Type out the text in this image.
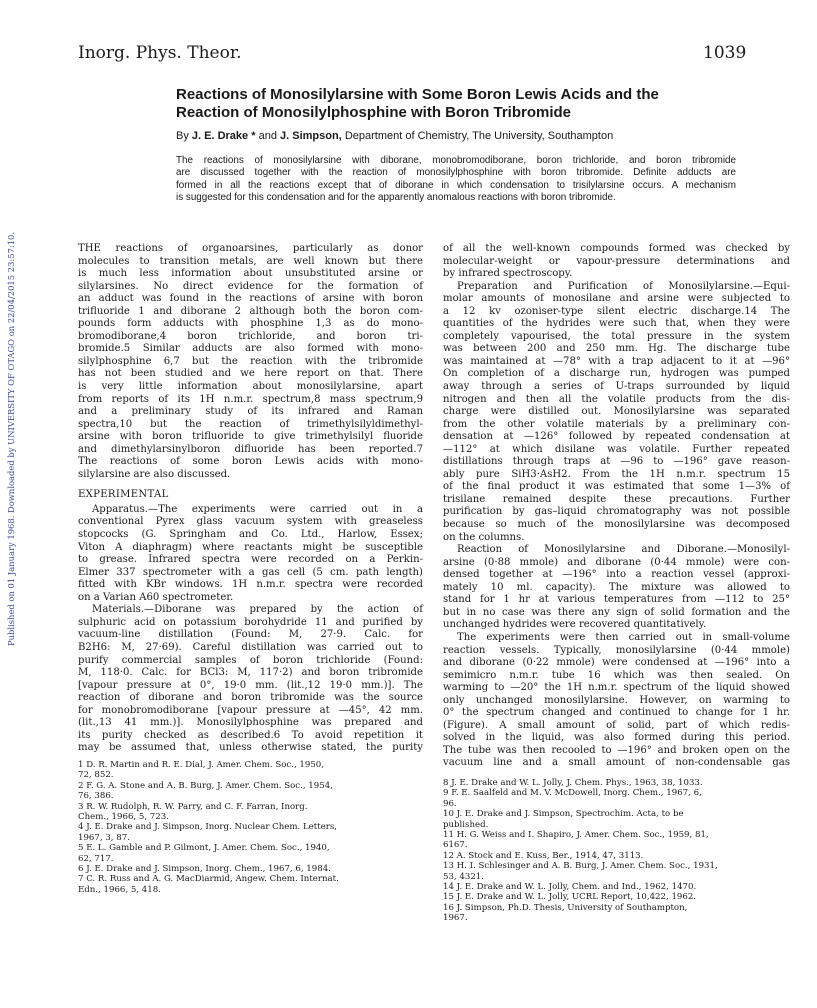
Inorg. Phys. Theor.	1039
Published on 01 January 1968. Downloaded by UNIVERSITY OF OTAGO on 22/04/2015 23:57:10.
Reactions of Monosilylarsine with Some Boron Lewis Acids and the
Reaction of Monosilylphosphine with Boron Tribromide
By J. E. Drake * and J. Simpson, Department of Chemistry, The University, Southampton
The reactions of monosilylarsine with diborane, monobromodiborane, boron trichloride, and boron tribromide
are discussed together with the reaction of monosilylphosphine with boron tribromide. Definite adducts are
formed in all the reactions except that of diborane in which condensation to trisilylarsine occurs. A mechanism
is suggested for this condensation and for the apparently anomalous reactions with boron tribromide.
THE reactions of organoarsines, particularly as donor
molecules to transition metals, are well known but there
is much less information about unsubstituted arsine or
silylarsines. No direct evidence for the formation of
an adduct was found in the reactions of arsine with boron
trifluoride 1 and diborane 2 although both the boron com-
pounds form adducts with phosphine 1,3 as do mono-
bromodiborane,4 boron trichloride, and boron tri-
bromide.5 Similar adducts are also formed with mono-
silylphosphine 6,7 but the reaction with the tribromide
has not been studied and we here report on that. There
is very little information about monosilylarsine, apart
from reports of its 1H n.m.r. spectrum,8 mass spectrum,9
and a preliminary study of its infrared and Raman
spectra,10 but the reaction of trimethylsilyldimethyl-
arsine with boron trifluoride to give trimethylsilyl fluoride
and dimethylarsinylboron difluoride has been reported.7
The reactions of some boron Lewis acids with mono-
silylarsine are also discussed.
EXPERIMENTAL
Apparatus.—The experiments were carried out in a
conventional Pyrex glass vacuum system with greaseless
stopcocks (G. Springham and Co. Ltd., Harlow, Essex;
Viton A diaphragm) where reactants might be susceptible
to grease. Infrared spectra were recorded on a Perkin-
Elmer 337 spectrometer with a gas cell (5 cm. path length)
fitted with KBr windows. 1H n.m.r. spectra were recorded
on a Varian A60 spectrometer.
Materials.—Diborane was prepared by the action of
sulphuric acid on potassium borohydride 11 and purified by
vacuum-line distillation (Found: M, 27·9. Calc. for
B2H6: M, 27·69). Careful distillation was carried out to
purify commercial samples of boron trichloride (Found:
M, 118·0. Calc. for BCl3: M, 117·2) and boron tribromide
[vapour pressure at 0°, 19·0 mm. (lit.,12 19·0 mm.)]. The
reaction of diborane and boron tribromide was the source
for monobromodiborane [vapour pressure at —45°, 42 mm.
(lit.,13 41 mm.)]. Monosilylphosphine was prepared and
its purity checked as described.6 To avoid repetition it
may be assumed that, unless otherwise stated, the purity
of all the well-known compounds formed was checked by
molecular-weight or vapour-pressure determinations and
by infrared spectroscopy.
Preparation and Purification of Monosilylarsine.—Equi-
molar amounts of monosilane and arsine were subjected to
a 12 kv ozoniser-type silent electric discharge.14 The
quantities of the hydrides were such that, when they were
completely vapourised, the total pressure in the system
was between 200 and 250 mm. Hg. The discharge tube
was maintained at —78° with a trap adjacent to it at —96°
On completion of a discharge run, hydrogen was pumped
away through a series of U-traps surrounded by liquid
nitrogen and then all the volatile products from the dis-
charge were distilled out. Monosilylarsine was separated
from the other volatile materials by a preliminary con-
densation at —126° followed by repeated condensation at
—112° at which disilane was volatile. Further repeated
distillations through traps at —96 to —196° gave reason-
ably pure SiH3·AsH2. From the 1H n.m.r. spectrum 15
of the final product it was estimated that some 1—3% of
trisilane remained despite these precautions. Further
purification by gas–liquid chromatography was not possible
because so much of the monosilylarsine was decomposed
on the columns.
Reaction of Monosilylarsine and Diborane.—Monosilyl-
arsine (0·88 mmole) and diborane (0·44 mmole) were con-
densed together at —196° into a reaction vessel (approxi-
mately 10 ml. capacity). The mixture was allowed to
stand for 1 hr at various temperatures from —112 to 25°
but in no case was there any sign of solid formation and the
unchanged hydrides were recovered quantitatively.
The experiments were then carried out in small-volume
reaction vessels. Typically, monosilylarsine (0·44 mmole)
and diborane (0·22 mmole) were condensed at —196° into a
semimicro n.m.r. tube 16 which was then sealed. On
warming to —20° the 1H n.m.r. spectrum of the liquid showed
only unchanged monosilylarsine. However, on warming to
0° the spectrum changed and continued to change for 1 hr.
(Figure). A small amount of solid, part of which redis-
solved in the liquid, was also formed during this period.
The tube was then recooled to —196° and broken open on the
vacuum line and a small amount of non-condensable gas
1 D. R. Martin and R. E. Dial, J. Amer. Chem. Soc., 1950,
72, 852.
2 F. G. A. Stone and A. B. Burg, J. Amer. Chem. Soc., 1954,
76, 386.
3 R. W. Rudolph, R. W. Parry, and C. F. Farran, Inorg.
Chem., 1966, 5, 723.
4 J. E. Drake and J. Simpson, Inorg. Nuclear Chem. Letters,
1967, 3, 87.
5 E. L. Gamble and P. Gilmont, J. Amer. Chem. Soc., 1940,
62, 717.
6 J. E. Drake and J. Simpson, Inorg. Chem., 1967, 6, 1984.
7 C. R. Russ and A. G. MacDiarmid, Angew. Chem. Internat.
Edn., 1966, 5, 418.
8 J. E. Drake and W. L. Jolly, J. Chem. Phys., 1963, 38, 1033.
9 F. E. Saalfeld and M. V. McDowell, Inorg. Chem., 1967, 6,
96.
10 J. E. Drake and J. Simpson, Spectrochim. Acta, to be
published.
11 H. G. Weiss and I. Shapiro, J. Amer. Chem. Soc., 1959, 81,
6167.
12 A. Stock and E. Kuss, Ber., 1914, 47, 3113.
13 H. I. Schlesinger and A. B. Burg, J. Amer. Chem. Soc., 1931,
53, 4321.
14 J. E. Drake and W. L. Jolly, Chem. and Ind., 1962, 1470.
15 J. E. Drake and W. L. Jolly, UCRL Report, 10,422, 1962.
16 J. Simpson, Ph.D. Thesis, University of Southampton,
1967.
